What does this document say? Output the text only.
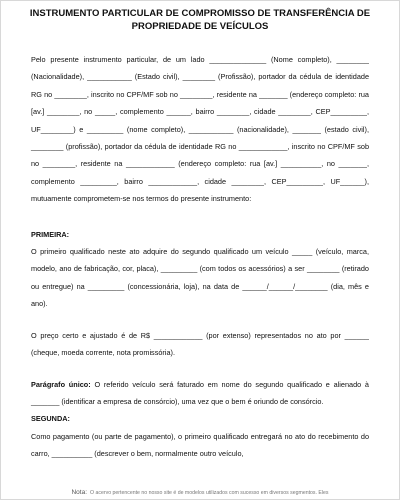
INSTRUMENTO PARTICULAR DE COMPROMISSO DE TRANSFERÊNCIA DE
PROPRIEDADE DE VEÍCULOS

Pelo presente instrumento particular, de um lado ______________ (Nome completo), ________ (Nacionalidade), ___________ (Estado civil), ________ (Profissão), portador da cédula de identidade RG no ________, inscrito no CPF/MF sob no ________, residente na _______ (endereço completo: rua [av.] ________, no _____, complemento ______, bairro ________, cidade ________, CEP_________, UF________) e _________ (nome completo), ___________ (nacionalidade), _______ (estado civil), ________ (profissão), portador da cédula de identidade RG no ____________, inscrito no CPF/MF sob no ________, residente na ____________ (endereço completo: rua [av.] __________, no _______, complemento _________, bairro ____________, cidade ________, CEP_________, UF______), mutuamente comprometem-se nos termos do presente instrumento:

PRIMEIRA:

O primeiro qualificado neste ato adquire do segundo qualificado um veículo _____ (veículo, marca, modelo, ano de fabricação, cor, placa), _________ (com todos os acessórios) a ser ________ (retirado ou entregue) na _________ (concessionária, loja), na data de ______/______/________ (dia, mês e ano).

O preço certo e ajustado é de R$ ____________ (por extenso) representados no ato por ______ (cheque, moeda corrente, nota promissória).

Parágrafo único: O referido veículo será faturado em nome do segundo qualificado e alienado à _______ (identificar a empresa de consórcio), uma vez que o bem é oriundo de consórcio.

SEGUNDA:

Como pagamento (ou parte de pagamento), o primeiro qualificado entregará no ato do recebimento do carro, __________ (descrever o bem, normalmente outro veículo,

Nota: O acervo pertencente no nosso site é de modelos utilizados com sucesso em diversos segmentos. Eles
